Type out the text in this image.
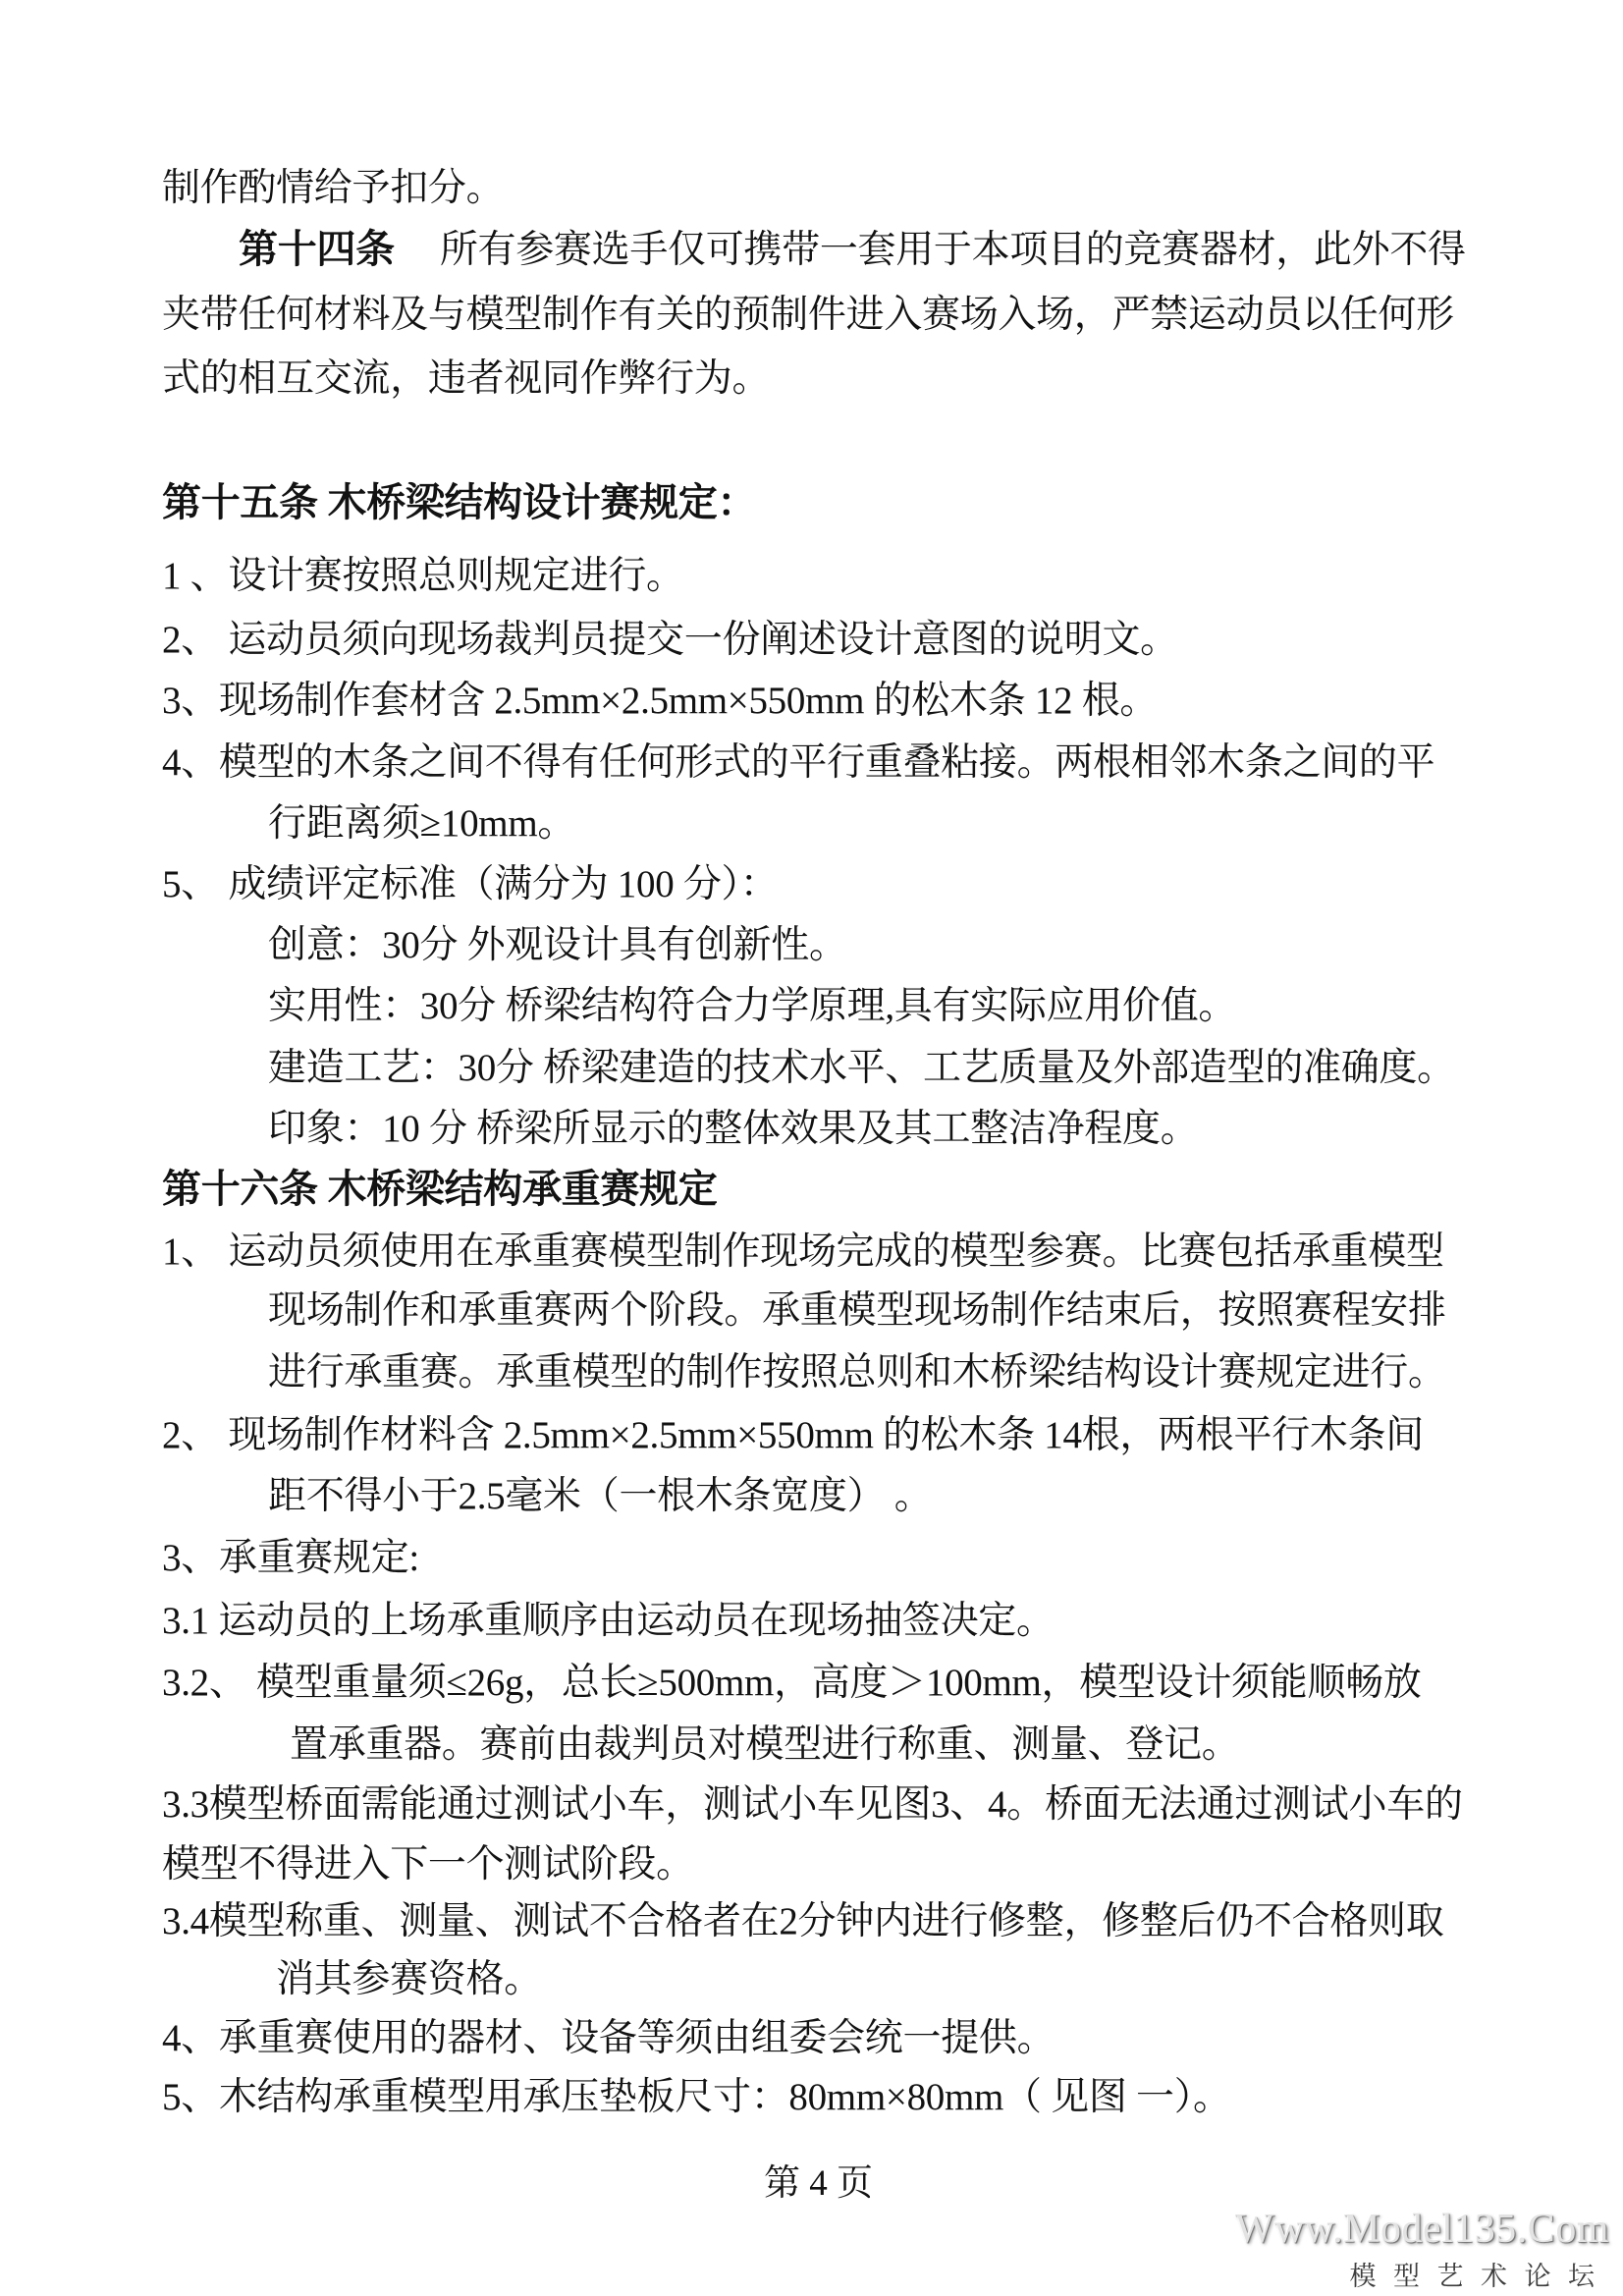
制作酌情给予扣分。
第十四条 所有参赛选手仅可携带一套用于本项目的竞赛器材，此外不得
夹带任何材料及与模型制作有关的预制件进入赛场入场，严禁运动员以任何形
式的相互交流，违者视同作弊行为。
第十五条 木桥梁结构设计赛规定：
1 、设计赛按照总则规定进行。
2、 运动员须向现场裁判员提交一份阐述设计意图的说明文。
3、现场制作套材含 2.5mm×2.5mm×550mm 的松木条 12 根。
4、模型的木条之间不得有任何形式的平行重叠粘接。两根相邻木条之间的平
行距离须≥10mm。
5、 成绩评定标准（满分为 100 分）：
创意：30分 外观设计具有创新性。
实用性：30分 桥梁结构符合力学原理,具有实际应用价值。
建造工艺：30分 桥梁建造的技术水平、工艺质量及外部造型的准确度。
印象：10 分 桥梁所显示的整体效果及其工整洁净程度。
第十六条 木桥梁结构承重赛规定
1、 运动员须使用在承重赛模型制作现场完成的模型参赛。比赛包括承重模型
现场制作和承重赛两个阶段。承重模型现场制作结束后，按照赛程安排
进行承重赛。承重模型的制作按照总则和木桥梁结构设计赛规定进行。
2、 现场制作材料含 2.5mm×2.5mm×550mm 的松木条 14根，两根平行木条间
距不得小于2.5毫米（一根木条宽度） 。
3、承重赛规定:
3.1 运动员的上场承重顺序由运动员在现场抽签决定。
3.2、 模型重量须≤26g，总长≥500mm，高度＞100mm，模型设计须能顺畅放
置承重器。赛前由裁判员对模型进行称重、测量、登记。
3.3模型桥面需能通过测试小车，测试小车见图3、4。桥面无法通过测试小车的
模型不得进入下一个测试阶段。
3.4模型称重、测量、测试不合格者在2分钟内进行修整，修整后仍不合格则取
消其参赛资格。
4、承重赛使用的器材、设备等须由组委会统一提供。
5、木结构承重模型用承压垫板尺寸：80mm×80mm（ 见图 一）。
第 4 页
Www.Model135.Com
模 型 艺 术 论 坛
